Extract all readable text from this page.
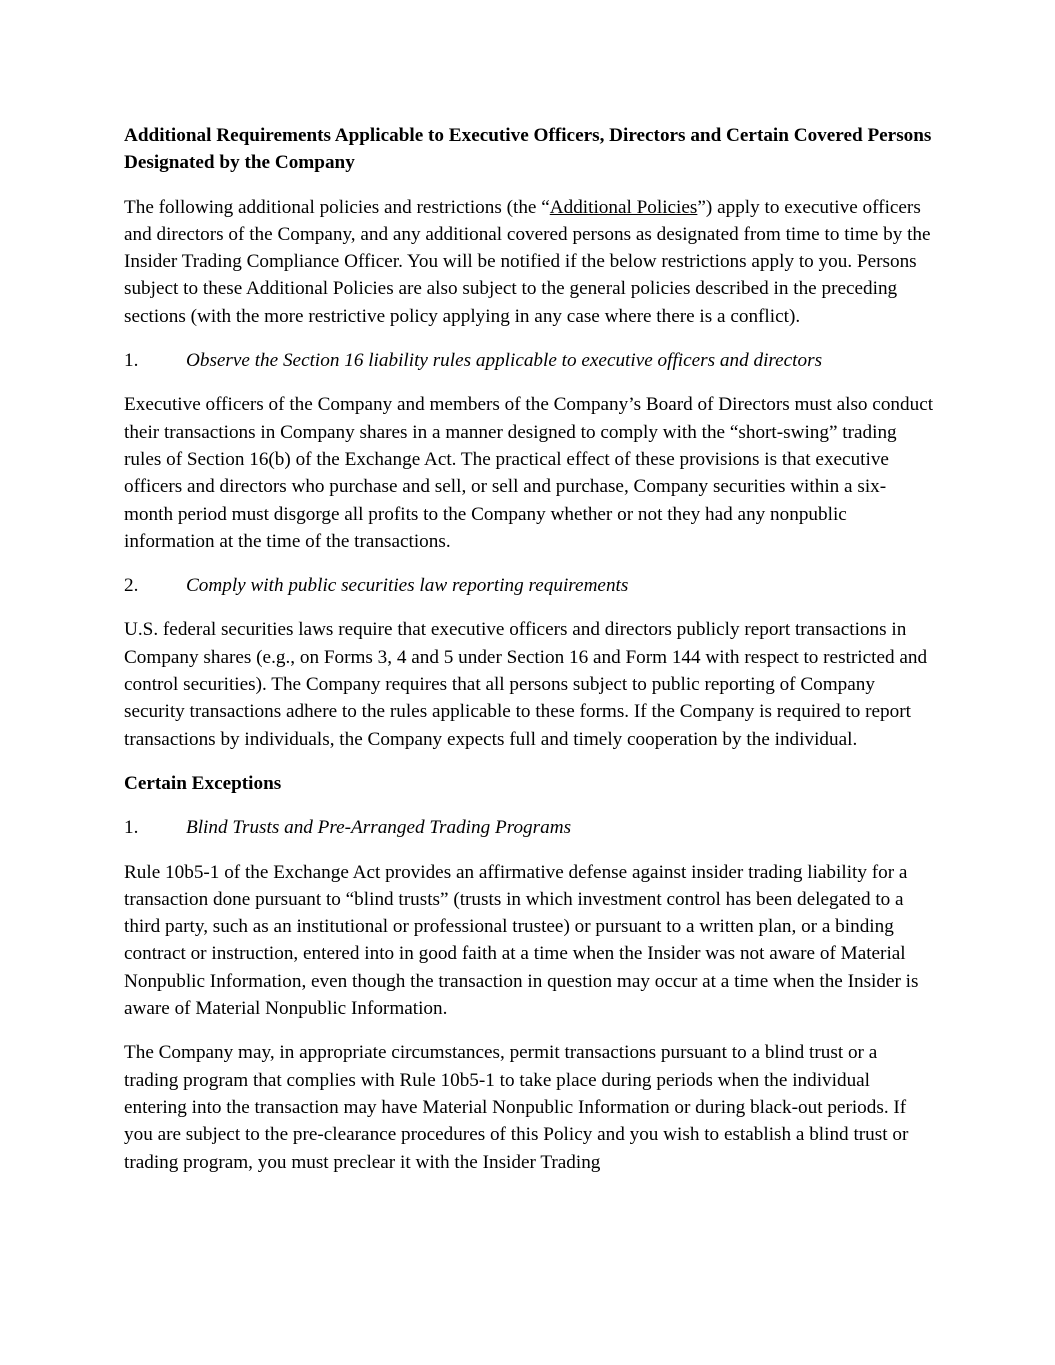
Additional Requirements Applicable to Executive Officers, Directors and Certain Covered Persons Designated by the Company

The following additional policies and restrictions (the “Additional Policies”) apply to executive officers and directors of the Company, and any additional covered persons as designated from time to time by the Insider Trading Compliance Officer. You will be notified if the below restrictions apply to you. Persons subject to these Additional Policies are also subject to the general policies described in the preceding sections (with the more restrictive policy applying in any case where there is a conflict).

1.	Observe the Section 16 liability rules applicable to executive officers and directors

Executive officers of the Company and members of the Company’s Board of Directors must also conduct their transactions in Company shares in a manner designed to comply with the “short-swing” trading rules of Section 16(b) of the Exchange Act. The practical effect of these provisions is that executive officers and directors who purchase and sell, or sell and purchase, Company securities within a six-month period must disgorge all profits to the Company whether or not they had any nonpublic information at the time of the transactions.

2.	Comply with public securities law reporting requirements

U.S. federal securities laws require that executive officers and directors publicly report transactions in Company shares (e.g., on Forms 3, 4 and 5 under Section 16 and Form 144 with respect to restricted and control securities). The Company requires that all persons subject to public reporting of Company security transactions adhere to the rules applicable to these forms. If the Company is required to report transactions by individuals, the Company expects full and timely cooperation by the individual.

Certain Exceptions

1.	Blind Trusts and Pre-Arranged Trading Programs

Rule 10b5-1 of the Exchange Act provides an affirmative defense against insider trading liability for a transaction done pursuant to “blind trusts” (trusts in which investment control has been delegated to a third party, such as an institutional or professional trustee) or pursuant to a written plan, or a binding contract or instruction, entered into in good faith at a time when the Insider was not aware of Material Nonpublic Information, even though the transaction in question may occur at a time when the Insider is aware of Material Nonpublic Information.

The Company may, in appropriate circumstances, permit transactions pursuant to a blind trust or a trading program that complies with Rule 10b5-1 to take place during periods when the individual entering into the transaction may have Material Nonpublic Information or during black-out periods. If you are subject to the pre-clearance procedures of this Policy and you wish to establish a blind trust or trading program, you must preclear it with the Insider Trading
